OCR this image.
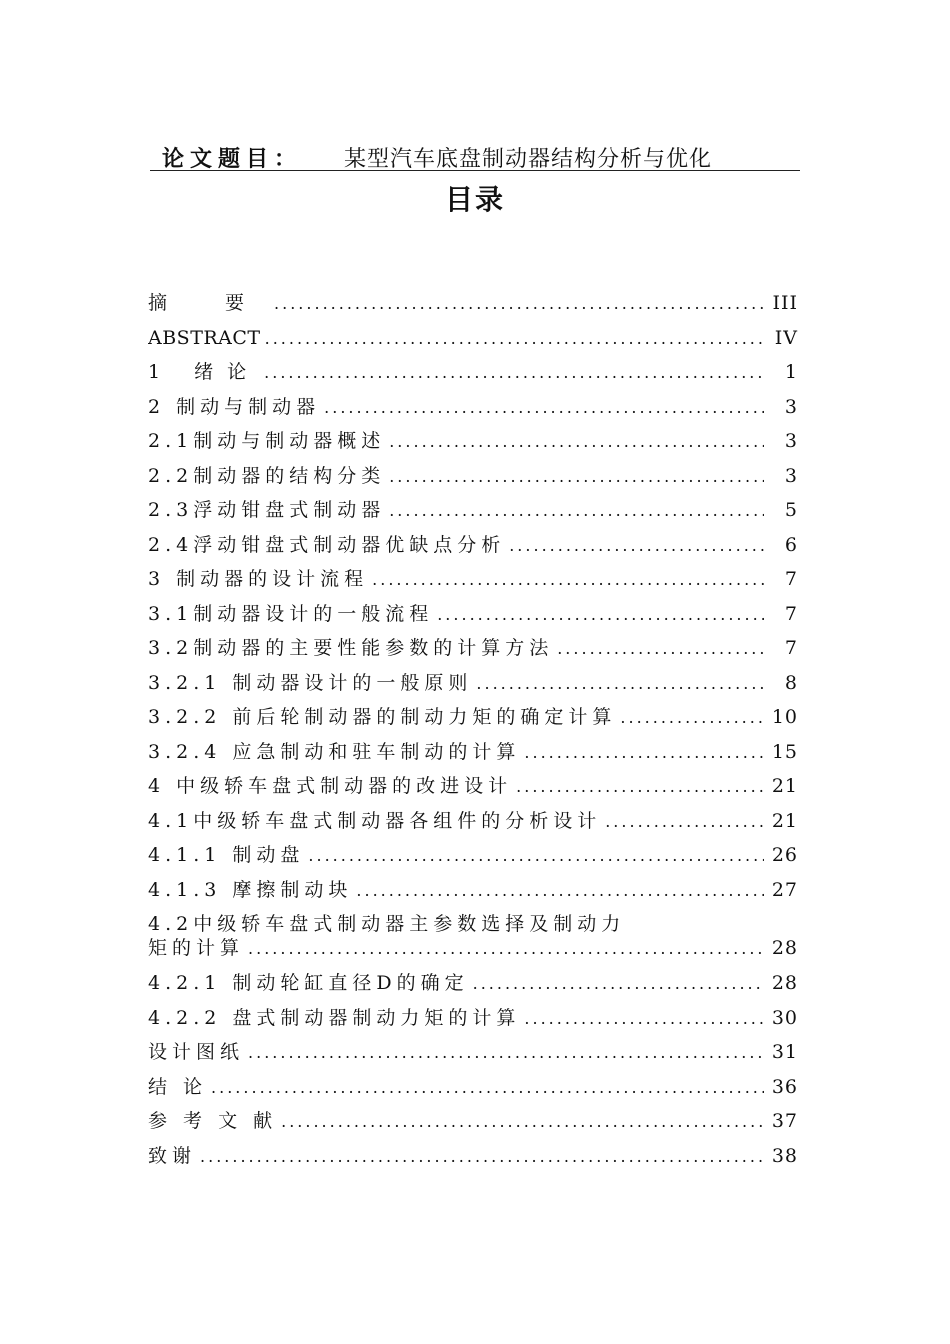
论文题目： 某型汽车底盘制动器结构分析与优化
目录
摘 要 .....	III
ABSTRACT .....	IV
1 绪论 .....	1
2 制动与制动器 .....	3
2.1制动与制动器概述 .....	3
2.2制动器的结构分类 .....	3
2.3浮动钳盘式制动器 .....	5
2.4浮动钳盘式制动器优缺点分析 .....	6
3 制动器的设计流程 .....	7
3.1制动器设计的一般流程 .....	7
3.2制动器的主要性能参数的计算方法 .....	7
3.2.1 制动器设计的一般原则 .....	8
3.2.2 前后轮制动器的制动力矩的确定计算 .....	10
3.2.4 应急制动和驻车制动的计算 .....	15
4 中级轿车盘式制动器的改进设计 .....	21
4.1中级轿车盘式制动器各组件的分析设计 .....	21
4.1.1 制动盘 .....	26
4.1.3 摩擦制动块 .....	27
4.2中级轿车盘式制动器主参数选择及制动力
矩的计算 .....	28
4.2.1 制动轮缸直径D的确定 .....	28
4.2.2 盘式制动器制动力矩的计算 .....	30
设计图纸 .....	31
结 论 .....	36
参 考 文 献 .....	37
致谢 .....	38
